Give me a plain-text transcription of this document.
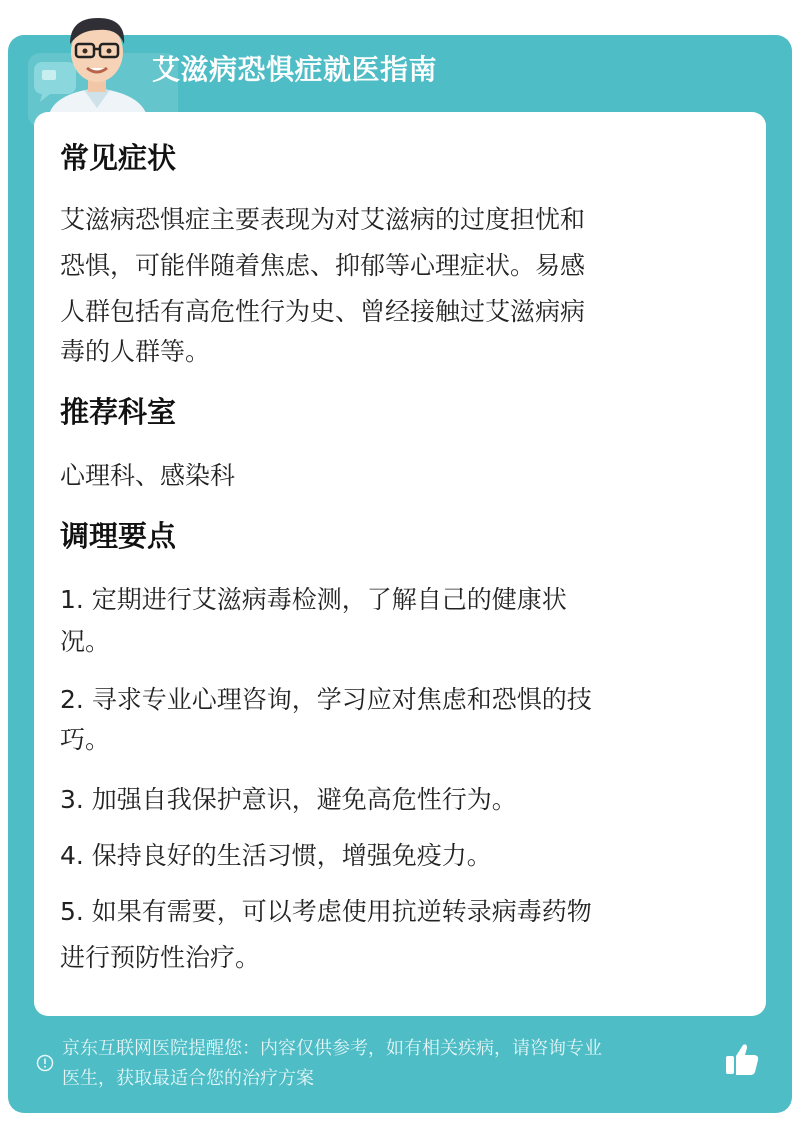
艾滋病恐惧症就医指南
常见症状
艾滋病恐惧症主要表现为对艾滋病的过度担忧和
恐惧，可能伴随着焦虑、抑郁等心理症状。易感
人群包括有高危性行为史、曾经接触过艾滋病病
毒的人群等。
推荐科室
心理科、感染科
调理要点
1. 定期进行艾滋病毒检测，了解自己的健康状
况。
2. 寻求专业心理咨询，学习应对焦虑和恐惧的技
巧。
3. 加强自我保护意识，避免高危性行为。
4. 保持良好的生活习惯，增强免疫力。
5. 如果有需要，可以考虑使用抗逆转录病毒药物
进行预防性治疗。
京东互联网医院提醒您：内容仅供参考，如有相关疾病，请咨询专业
医生，获取最适合您的治疗方案
